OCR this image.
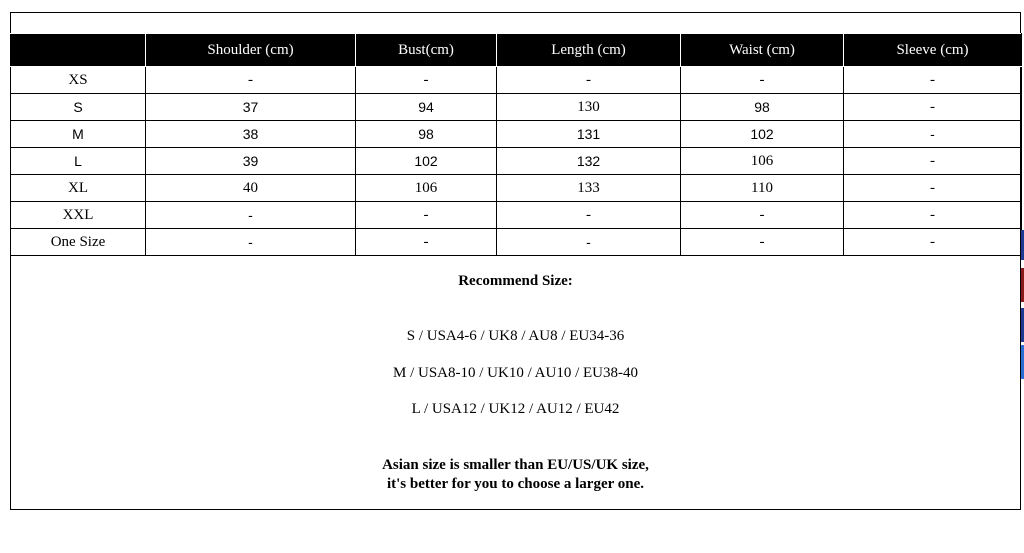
	Shoulder (cm)	Bust(cm)	Length (cm)	Waist (cm)	Sleeve (cm)
XS	-	-	-	-	-
S	37	94	130	98	-
M	38	98	131	102	-
L	39	102	132	106	-
XL	40	106	133	110	-
XXL	-	-	-	-	-
One Size	-	-	-	-	-
Recommend Size:
S / USA4-6 / UK8 / AU8 / EU34-36
M / USA8-10 / UK10 / AU10 / EU38-40
L / USA12 / UK12 / AU12 / EU42
Asian size is smaller than EU/US/UK size,
it's better for you to choose a larger one.
